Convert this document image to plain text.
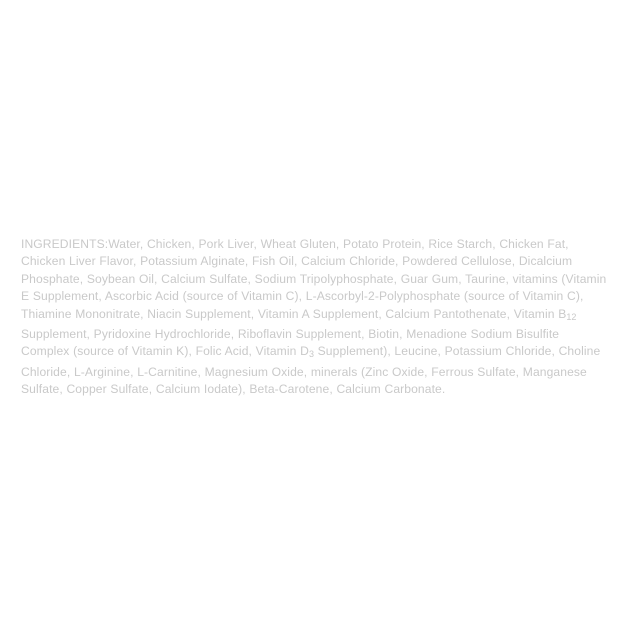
INGREDIENTS:Water, Chicken, Pork Liver, Wheat Gluten, Potato Protein, Rice Starch, Chicken Fat, Chicken Liver Flavor, Potassium Alginate, Fish Oil, Calcium Chloride, Powdered Cellulose, Dicalcium Phosphate, Soybean Oil, Calcium Sulfate, Sodium Tripolyphosphate, Guar Gum, Taurine, vitamins (Vitamin E Supplement, Ascorbic Acid (source of Vitamin C), L-Ascorbyl-2-Polyphosphate (source of Vitamin C), Thiamine Mononitrate, Niacin Supplement, Vitamin A Supplement, Calcium Pantothenate, Vitamin $B_{12}$ Supplement, Pyridoxine Hydrochloride, Riboflavin Supplement, Biotin, Menadione Sodium Bisulfite Complex (source of Vitamin K), Folic Acid, Vitamin $D_3$ Supplement), Leucine, Potassium Chloride, Choline Chloride, L-Arginine, L-Carnitine, Magnesium Oxide, minerals (Zinc Oxide, Ferrous Sulfate, Manganese Sulfate, Copper Sulfate, Calcium Iodate), Beta-Carotene, Calcium Carbonate.
